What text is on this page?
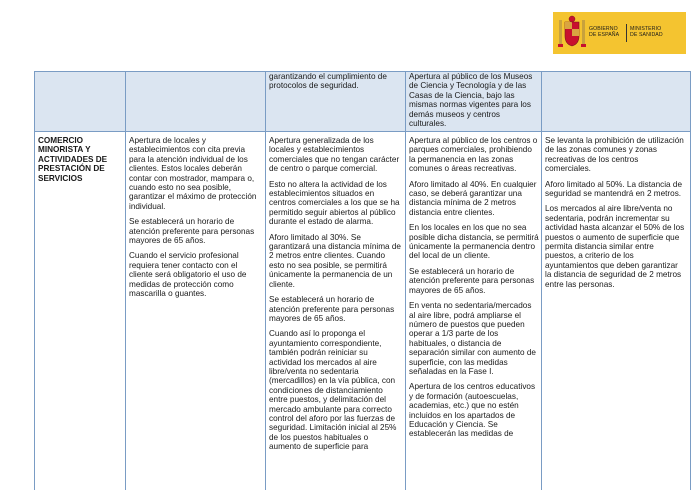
GOBIERNO
DE ESPAÑA
MINISTERIO
DE SANIDAD
garantizando el cumplimiento de protocolos de seguridad.
Apertura al público de los Museos de Ciencia y Tecnología y de las Casas de la Ciencia, bajo las mismas normas vigentes para los demás museos y centros culturales.
COMERCIO MINORISTA Y ACTIVIDADES DE PRESTACIÓN DE SERVICIOS

Apertura de locales y establecimientos con cita previa para la atención individual de los clientes. Estos locales deberán contar con mostrador, mampara o, cuando esto no sea posible, garantizar el máximo de protección individual.

Se establecerá un horario de atención preferente para personas mayores de 65 años.

Cuando el servicio profesional requiera tener contacto con el cliente será obligatorio el uso de medidas de protección como mascarilla o guantes.

Apertura generalizada de los locales y establecimientos comerciales que no tengan carácter de centro o parque comercial.

Esto no altera la actividad de los establecimientos situados en centros comerciales a los que se ha permitido seguir abiertos al público durante el estado de alarma.

Aforo limitado al 30%. Se garantizará una distancia mínima de 2 metros entre clientes. Cuando esto no sea posible, se permitirá únicamente la permanencia de un cliente.

Se establecerá un horario de atención preferente para personas mayores de 65 años.

Cuando así lo proponga el ayuntamiento correspondiente, también podrán reiniciar su actividad los mercados al aire libre/venta no sedentaria (mercadillos) en la vía pública, con condiciones de distanciamiento entre puestos, y delimitación del mercado ambulante para correcto control del aforo por las fuerzas de seguridad. Limitación inicial al 25% de los puestos habituales o aumento de superficie para

Apertura al público de los centros o parques comerciales, prohibiendo la permanencia en las zonas comunes o áreas recreativas.

Aforo limitado al 40%. En cualquier caso, se deberá garantizar una distancia mínima de 2 metros distancia entre clientes.

En los locales en los que no sea posible dicha distancia, se permitirá únicamente la permanencia dentro del local de un cliente.

Se establecerá un horario de atención preferente para personas mayores de 65 años.

En venta no sedentaria/mercados al aire libre, podrá ampliarse el número de puestos que pueden operar a 1/3 parte de los habituales, o distancia de separación similar con aumento de superficie, con las medidas señaladas en la Fase I.

Apertura de los centros educativos y de formación (autoescuelas, academias, etc.) que no estén incluidos en los apartados de Educación y Ciencia. Se establecerán las medidas de

Se levanta la prohibición de utilización de las zonas comunes y zonas recreativas de los centros comerciales.

Aforo limitado al 50%. La distancia de seguridad se mantendrá en 2 metros.

Los mercados al aire libre/venta no sedentaria, podrán incrementar su actividad hasta alcanzar el 50% de los puestos o aumento de superficie que permita distancia similar entre puestos, a criterio de los ayuntamientos que deben garantizar la distancia de seguridad de 2 metros entre las personas.
